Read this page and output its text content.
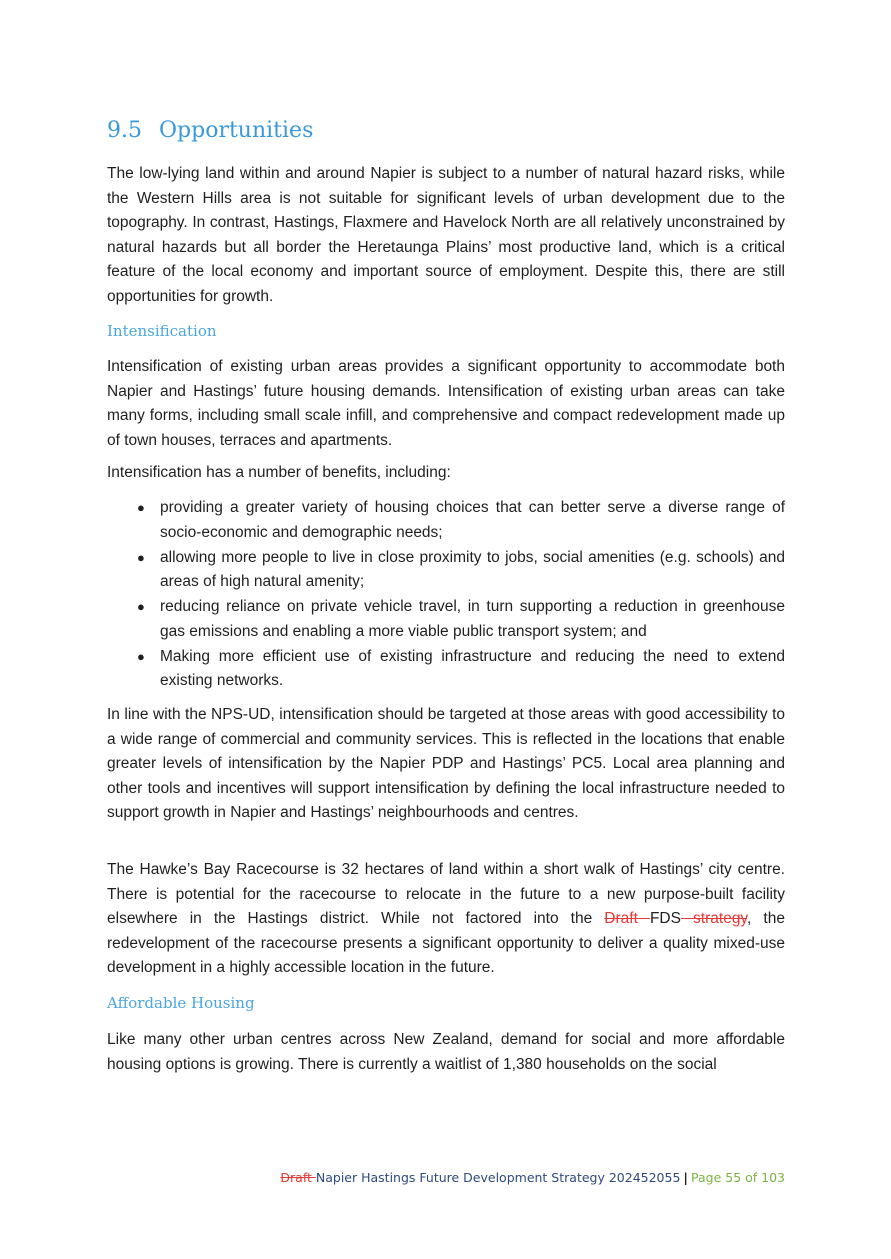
9.5 Opportunities

The low-lying land within and around Napier is subject to a number of natural hazard risks, while the Western Hills area is not suitable for significant levels of urban development due to the topography. In contrast, Hastings, Flaxmere and Havelock North are all relatively unconstrained by natural hazards but all border the Heretaunga Plains’ most productive land, which is a critical feature of the local economy and important source of employment. Despite this, there are still opportunities for growth.

Intensification

Intensification of existing urban areas provides a significant opportunity to accommodate both Napier and Hastings’ future housing demands. Intensification of existing urban areas can take many forms, including small scale infill, and comprehensive and compact redevelopment made up of town houses, terraces and apartments.

Intensification has a number of benefits, including:

● providing a greater variety of housing choices that can better serve a diverse range of socio-economic and demographic needs;
● allowing more people to live in close proximity to jobs, social amenities (e.g. schools) and areas of high natural amenity;
● reducing reliance on private vehicle travel, in turn supporting a reduction in greenhouse gas emissions and enabling a more viable public transport system; and
● Making more efficient use of existing infrastructure and reducing the need to extend existing networks.

In line with the NPS-UD, intensification should be targeted at those areas with good accessibility to a wide range of commercial and community services. This is reflected in the locations that enable greater levels of intensification by the Napier PDP and Hastings’ PC5. Local area planning and other tools and incentives will support intensification by defining the local infrastructure needed to support growth in Napier and Hastings’ neighbourhoods and centres.

The Hawke’s Bay Racecourse is 32 hectares of land within a short walk of Hastings’ city centre. There is potential for the racecourse to relocate in the future to a new purpose-built facility elsewhere in the Hastings district. While not factored into the Draft FDS strategy, the redevelopment of the racecourse presents a significant opportunity to deliver a quality mixed-use development in a highly accessible location in the future.

Affordable Housing

Like many other urban centres across New Zealand, demand for social and more affordable housing options is growing. There is currently a waitlist of 1,380 households on the social

Draft Napier Hastings Future Development Strategy 202452055 | Page 55 of 103
